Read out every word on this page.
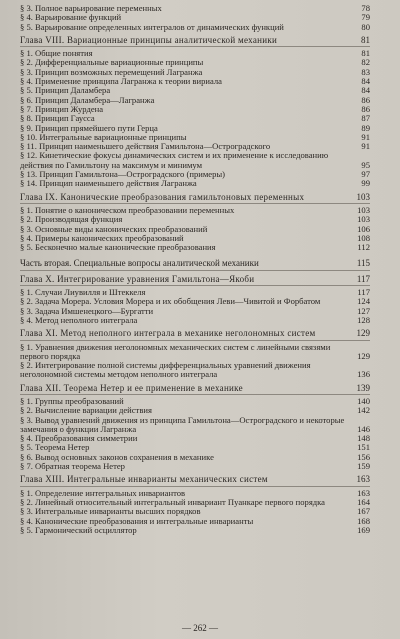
§ 3. Полное варьирование переменных	78
§ 4. Варьирование функций	79
§ 5. Варьирование определенных интегралов от динамических функций	80
Глава VIII. Вариационные принципы аналитической механики	81
§ 1. Общие понятия	81
§ 2. Дифференциальные вариационные принципы	82
§ 3. Принцип возможных перемещений Лагранжа	83
§ 4. Применение принципа Лагранжа к теории вириала	84
§ 5. Принцип Даламбера	84
§ 6. Принцип Даламбера—Лагранжа	86
§ 7. Принцип Журдена	86
§ 8. Принцип Гаусса	87
§ 9. Принцип прямейшего пути Герца	89
§ 10. Интегральные вариационные принципы	91
§ 11. Принцип наименьшего действия Гамильтона—Остроградского	91
§ 12. Кинетические фокусы динамических систем и их применение к исследованию действия по Гамильтону на максимум и минимум	95
§ 13. Принцип Гамильтона—Остроградского (примеры)	97
§ 14. Принцип наименьшего действия Лагранжа	99
Глава IX. Канонические преобразования гамильтоновых переменных	103
§ 1. Понятие о каноническом преобразовании переменных	103
§ 2. Производящая функция	103
§ 3. Основные виды канонических преобразований	106
§ 4. Примеры канонических преобразований	108
§ 5. Бесконечно малые канонические преобразования	112
Часть вторая. Специальные вопросы аналитической механики	115
Глава X. Интегрирование уравнения Гамильтона—Якоби	117
§ 1. Случаи Лиувилля и Штеккеля	117
§ 2. Задача Морера. Условия Морера и их обобщения Леви—Чивитой и Форбатом	124
§ 3. Задача Имшенецкого—Бургатти	127
§ 4. Метод неполного интеграла	128
Глава XI. Метод неполного интеграла в механике неголономных систем	129
§ 1. Уравнения движения неголономных механических систем с линейными связями первого порядка	129
§ 2. Интегрирование полной системы дифференциальных уравнений движения неголономной системы методом неполного интеграла	136
Глава XII. Теорема Нетер и ее применение в механике	139
§ 1. Группы преобразований	140
§ 2. Вычисление вариации действия	142
§ 3. Вывод уравнений движения из принципа Гамильтона—Остроградского и некоторые замечания о функции Лагранжа	146
§ 4. Преобразования симметрии	148
§ 5. Теорема Нетер	151
§ 6. Вывод основных законов сохранения в механике	156
§ 7. Обратная теорема Нетер	159
Глава XIII. Интегральные инварианты механических систем	163
§ 1. Определение интегральных инвариантов	163
§ 2. Линейный относительный интегральный инвариант Пуанкаре первого порядка	164
§ 3. Интегральные инварианты высших порядков	167
§ 4. Канонические преобразования и интегральные инварианты	168
§ 5. Гармонический осциллятор	169
— 262 —
